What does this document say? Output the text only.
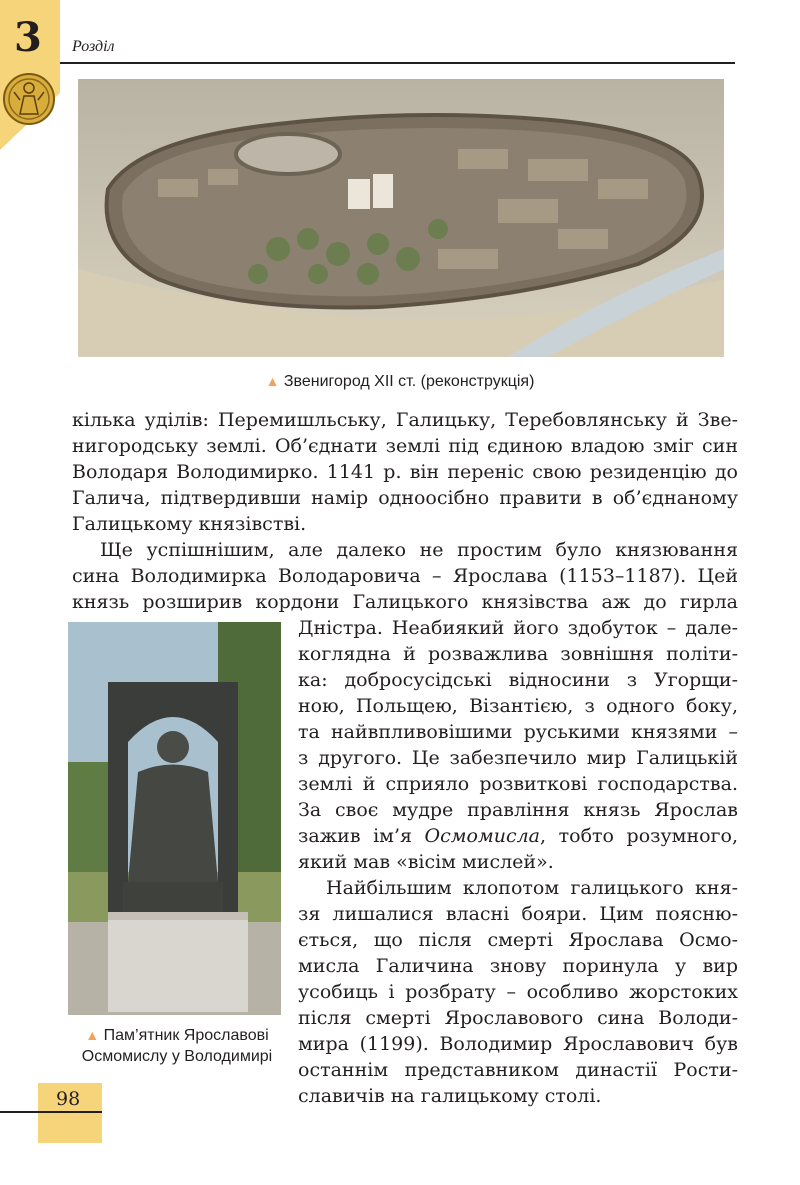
3 Розділ
▲ Звенигород XII ст. (реконструкція)

кілька уділів: Перемишльську, Галицьку, Теребовлянську й Зве-

нигородську землі. Об’єднати землі під єдиною владою зміг син

Володаря Володимирко. 1141 р. він переніс свою резиденцію до

Галича, підтвердивши намір одноосібно правити в об’єднаному

Галицькому князівстві.

Ще успішнішим, але далеко не простим було князювання

сина Володимирка Володаровича – Ярослава (1153–1187). Цей

князь розширив кордони Галицького князівства аж до гирла

Дністра. Неабиякий його здобуток – дале-

коглядна й розважлива зовнішня політи-

ка: добросусідські відносини з Угорщи-

ною, Польщею, Візантією, з одного боку,

та найвпливовішими руськими князями –

з другого. Це забезпечило мир Галицькій

землі й сприяло розвиткові господарства.

За своє мудре правління князь Ярослав

зажив ім’я Осмомисла, тобто розумного,

який мав «вісім мислей».

Найбільшим клопотом галицького кня-

зя лишалися власні бояри. Цим поясню-

ється, що після смерті Ярослава Осмо-

мисла Галичина знову поринула у вир

усобиць і розбрату – особливо жорстоких

після смерті Ярославового сина Володи-

мира (1199). Володимир Ярославович був

останнім представником династії Рости-

славичів на галицькому столі.

▲ Пам’ятник Ярославові
Осмомислу у Володимирі
98
